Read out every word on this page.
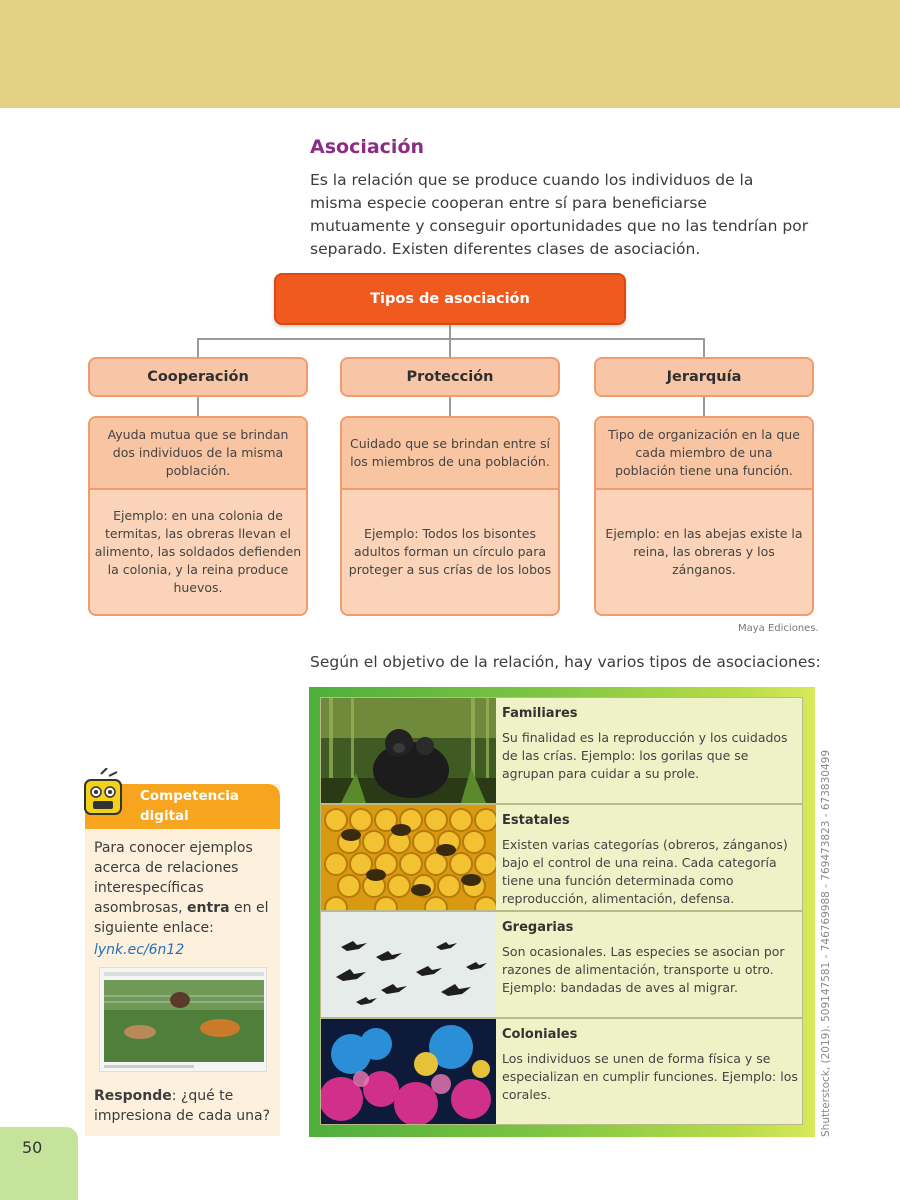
Asociación

Es la relación que se produce cuando los individuos de la misma especie cooperan entre sí para beneficiarse mutuamente y conseguir oportunidades que no las tendrían por separado. Existen diferentes clases de asociación.

Tipos de asociación
Cooperación	Protección	Jerarquía
Ayuda mutua que se brindan dos individuos de la misma población.
Ejemplo: en una colonia de termitas, las obreras llevan el alimento, las soldados defienden la colonia, y la reina produce huevos.
Cuidado que se brindan entre sí los miembros de una población.
Ejemplo: Todos los bisontes adultos forman un círculo para proteger a sus crías de los lobos
Tipo de organización en la que cada miembro de una población tiene una función.
Ejemplo: en las abejas existe la reina, las obreras y los zánganos.
Maya Ediciones.

Según el objetivo de la relación, hay varios tipos de asociaciones:

Familiares
Su finalidad es la reproducción y los cuidados de las crías. Ejemplo: los gorilas que se agrupan para cuidar a su prole.
Estatales
Existen varias categorías (obreros, zánganos) bajo el control de una reina. Cada categoría tiene una función determinada como reproducción, alimentación, defensa.
Gregarias
Son ocasionales. Las especies se asocian por razones de alimentación, transporte u otro. Ejemplo: bandadas de aves al migrar.
Coloniales
Los individuos se unen de forma física y se especializan en cumplir funciones. Ejemplo: los corales.	Shutterstock, (2019). 509147581 - 746769988 - 769473823 - 673830499
Competencia
digital

Para conocer ejemplos acerca de relaciones interespecíficas asombrosas, entra en el siguiente enlace:

lynk.ec/6n12

Responde: ¿qué te impresiona de cada una?

50
